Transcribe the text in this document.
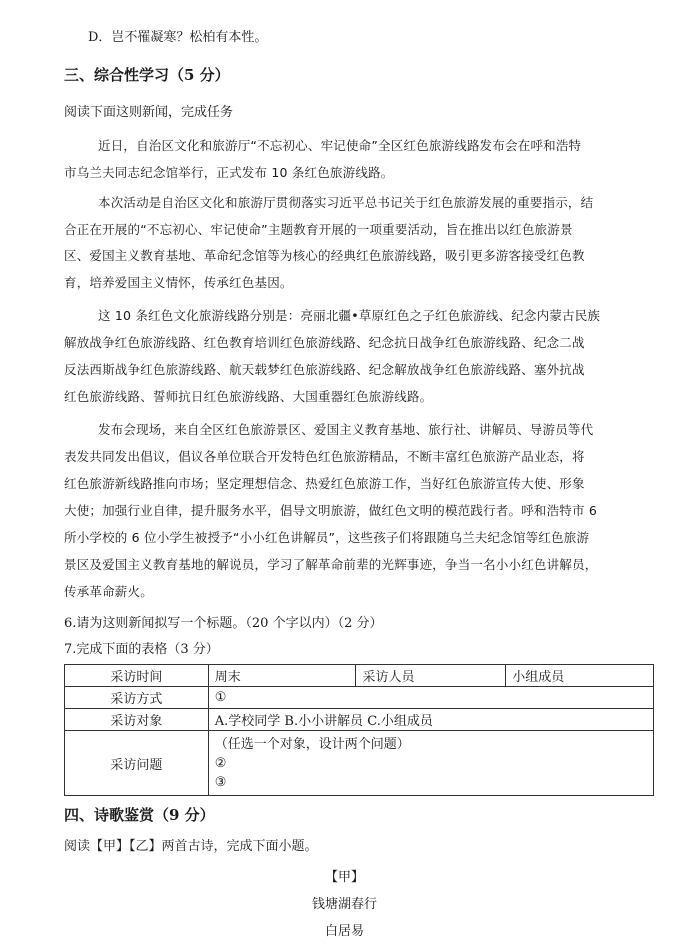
D．岂不罹凝寒？松柏有本性。
三、综合性学习（5 分）
阅读下面这则新闻，完成任务
近日，自治区文化和旅游厅“不忘初心、牢记使命”全区红色旅游线路发布会在呼和浩特
市乌兰夫同志纪念馆举行，正式发布 10 条红色旅游线路。
本次活动是自治区文化和旅游厅贯彻落实习近平总书记关于红色旅游发展的重要指示，结
合正在开展的“不忘初心、牢记使命”主题教育开展的一项重要活动，旨在推出以红色旅游景
区、爱国主义教育基地、革命纪念馆等为核心的经典红色旅游线路，吸引更多游客接受红色教
育，培养爱国主义情怀，传承红色基因。
这 10 条红色文化旅游线路分别是：亮丽北疆•草原红色之子红色旅游线、纪念内蒙古民族
解放战争红色旅游线路、红色教育培训红色旅游线路、纪念抗日战争红色旅游线路、纪念二战
反法西斯战争红色旅游线路、航天载梦红色旅游线路、纪念解放战争红色旅游线路、塞外抗战
红色旅游线路、誓师抗日红色旅游线路、大国重器红色旅游线路。
发布会现场，来自全区红色旅游景区、爱国主义教育基地、旅行社、讲解员、导游员等代
表发共同发出倡议，倡议各单位联合开发特色红色旅游精品，不断丰富红色旅游产品业态，将
红色旅游新线路推向市场；坚定理想信念、热爱红色旅游工作，当好红色旅游宣传大使、形象
大使；加强行业自律，提升服务水平，倡导文明旅游，做红色文明的模范践行者。呼和浩特市 6
所小学校的 6 位小学生被授予“小小红色讲解员”，这些孩子们将跟随乌兰夫纪念馆等红色旅游
景区及爱国主义教育基地的解说员，学习了解革命前辈的光辉事迹，争当一名小小红色讲解员，
传承革命薪火。
6.请为这则新闻拟写一个标题。（20 个字以内）（2 分）
7.完成下面的表格（3 分）
采访时间	周末	采访人员	小组成员
采访方式	①		
采访对象	A.学校同学 B.小小讲解员 C.小组成员		
采访问题	（任选一个对象，设计两个问题）
②
③		
四、诗歌鉴赏（9 分）
阅读【甲】【乙】两首古诗，完成下面小题。
【甲】
钱塘湖春行
白居易
